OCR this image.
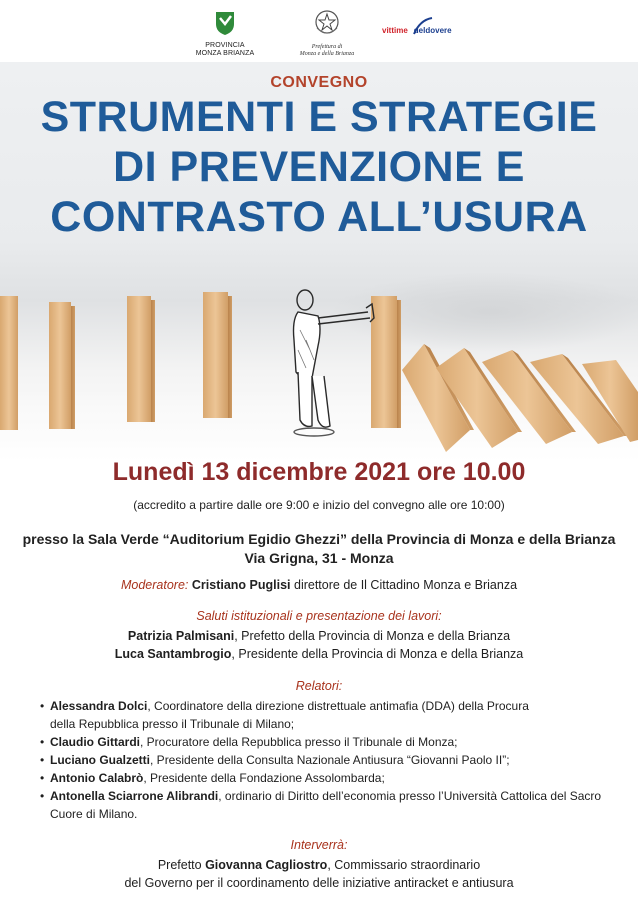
PROVINCIA
MONZA BRIANZA
Prefettura di
Monza e della Brianza
vittime deldovere
CONVEGNO
STRUMENTI E STRATEGIE
DI PREVENZIONE E
CONTRASTO ALL’USURA
Lunedì 13 dicembre 2021 ore 10.00
(accredito a partire dalle ore 9:00 e inizio del convegno alle ore 10:00)
presso la Sala Verde “Auditorium Egidio Ghezzi” della Provincia di Monza e della Brianza
Via Grigna, 31 - Monza
Moderatore: Cristiano Puglisi direttore de Il Cittadino Monza e Brianza
Saluti istituzionali e presentazione dei lavori:
Patrizia Palmisani, Prefetto della Provincia di Monza e della Brianza
Luca Santambrogio, Presidente della Provincia di Monza e della Brianza
Relatori:
• Alessandra Dolci, Coordinatore della direzione distrettuale antimafia (DDA) della Procura
della Repubblica presso il Tribunale di Milano;
• Claudio Gittardi, Procuratore della Repubblica presso il Tribunale di Monza;
• Luciano Gualzetti, Presidente della Consulta Nazionale Antiusura “Giovanni Paolo II”;
• Antonio Calabrò, Presidente della Fondazione Assolombarda;
• Antonella Sciarrone Alibrandi, ordinario di Diritto dell’economia presso l’Università Cattolica del Sacro
Cuore di Milano.
Interverrà:
Prefetto Giovanna Cagliostro, Commissario straordinario
del Governo per il coordinamento delle iniziative antiracket e antiusura
